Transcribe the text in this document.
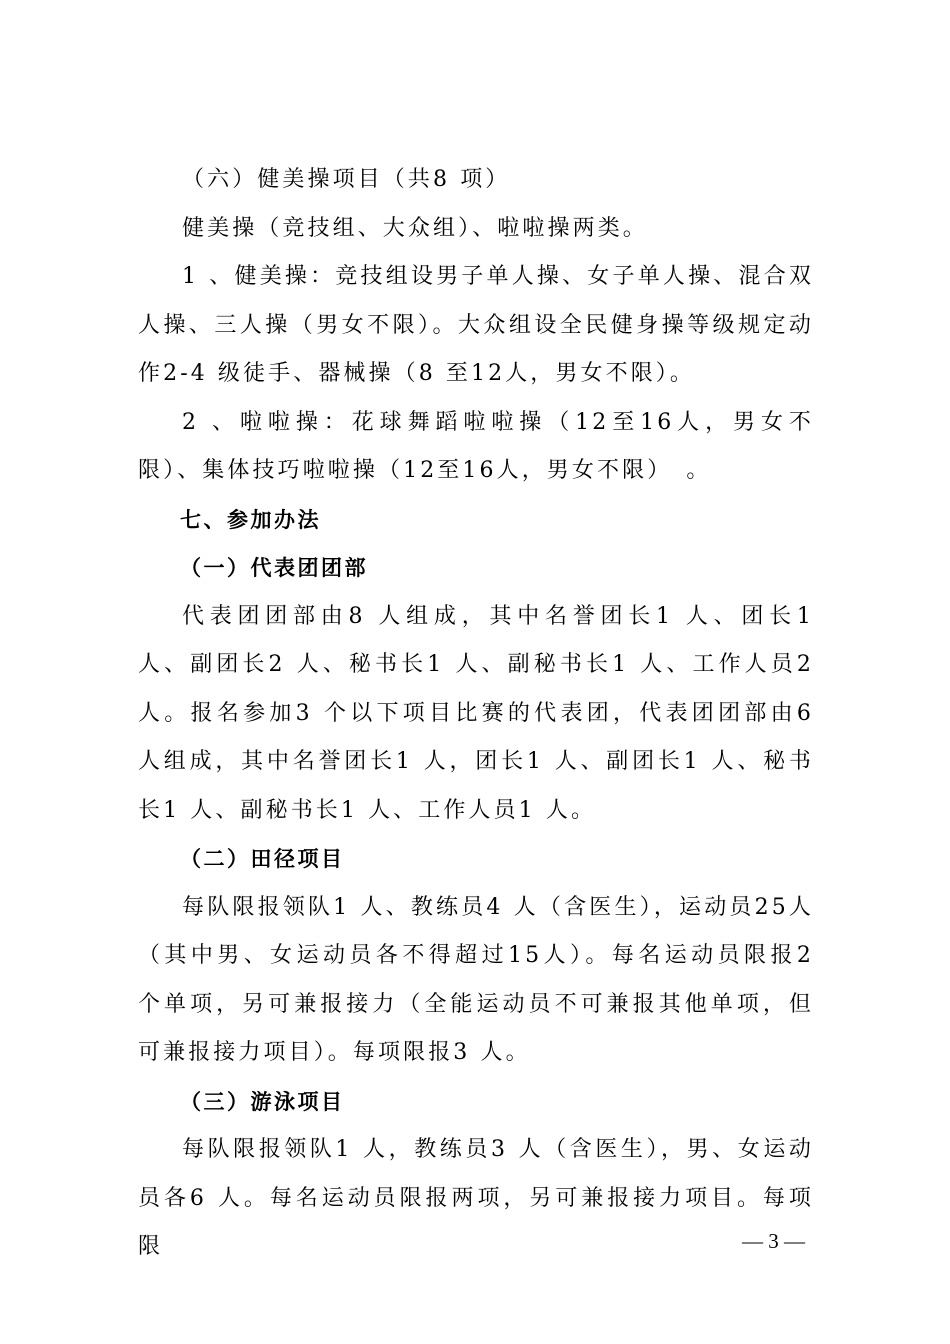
（六）健美操项目（共8 项）

健美操（竞技组、大众组）、啦啦操两类。

1 、健美操：竞技组设男子单人操、女子单人操、混合双人操、三人操（男女不限）。大众组设全民健身操等级规定动作2-4 级徒手、器械操（8 至12人，男女不限）。

2 、啦啦操：花球舞蹈啦啦操（12至16人，男女不限）、集体技巧啦啦操（12至16人，男女不限）　。

七、参加办法

（一）代表团团部

代表团团部由8 人组成，其中名誉团长1 人、团长1 人、副团长2 人、秘书长1 人、副秘书长1 人、工作人员2 人。报名参加3 个以下项目比赛的代表团，代表团团部由6 人组成，其中名誉团长1 人，团长1 人、副团长1 人、秘书长1 人、副秘书长1 人、工作人员1 人。

（二）田径项目

每队限报领队1 人、教练员4 人（含医生），运动员25人（其中男、女运动员各不得超过15人）。每名运动员限报2 个单项，另可兼报接力（全能运动员不可兼报其他单项，但可兼报接力项目）。每项限报3 人。

（三）游泳项目

每队限报领队1 人，教练员3 人（含医生），男、女运动员各6 人。每名运动员限报两项，另可兼报接力项目。每项限	— 3 —
